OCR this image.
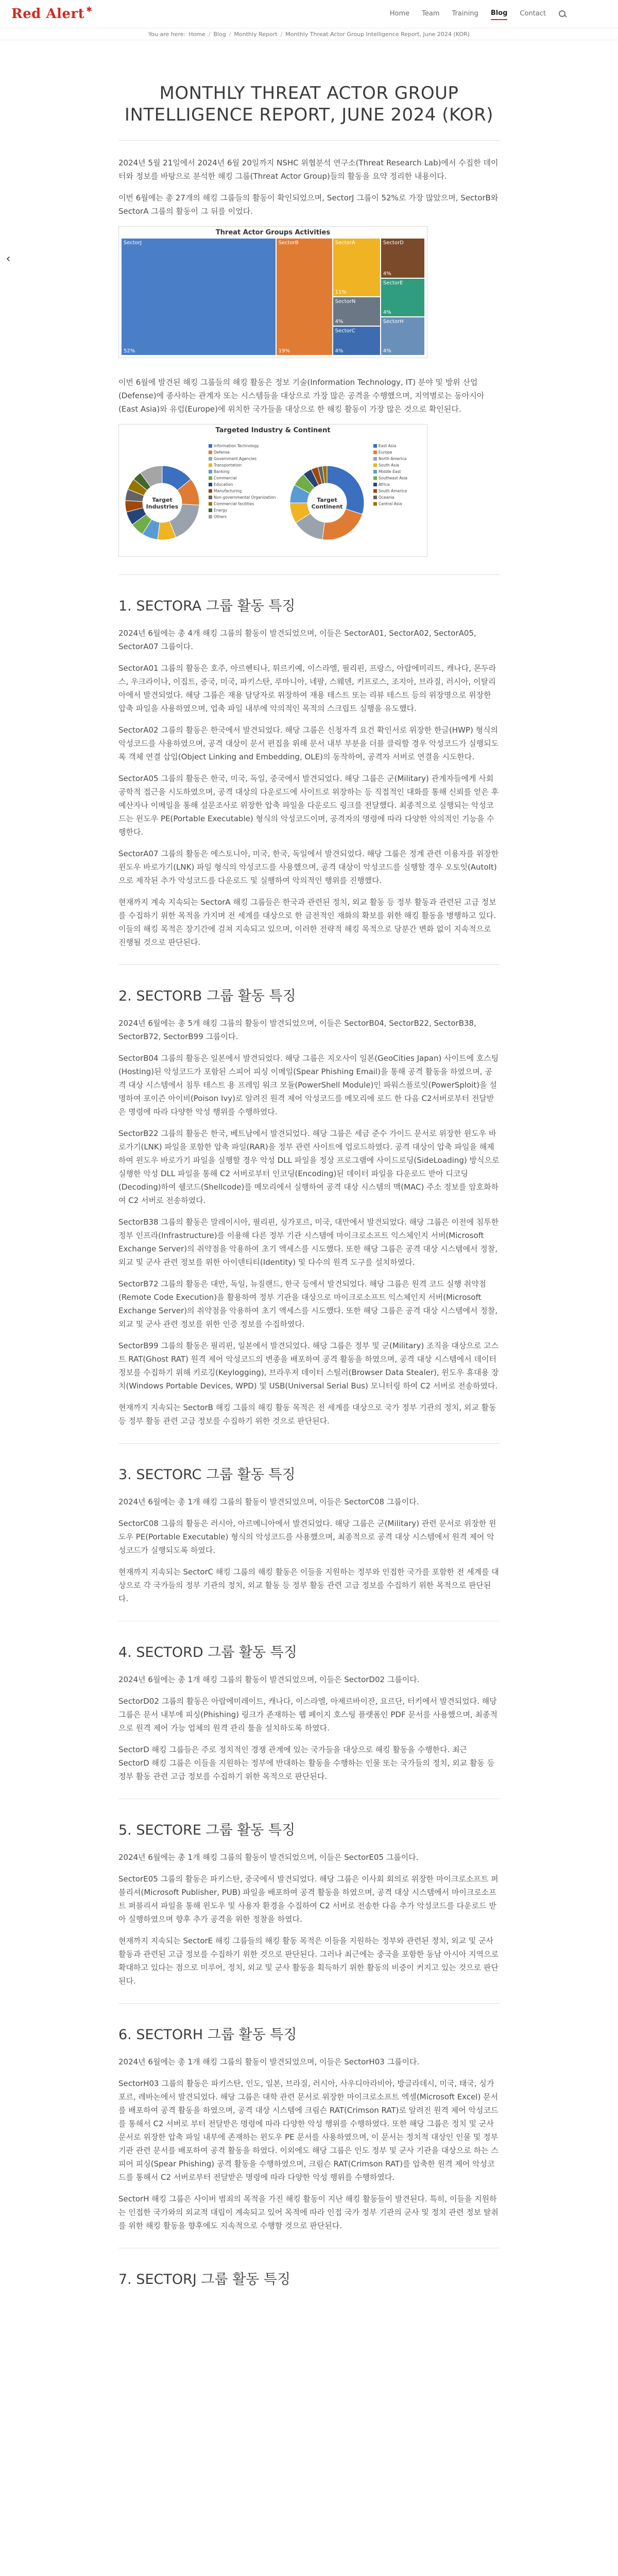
Red Alert ✱	Home Team Training Blog Contact
You are here: Home / Blog / Monthly Report / Monthly Threat Actor Group Intelligence Report, June 2024 (KOR)
‹
MONTHLY THREAT ACTOR GROUP
INTELLIGENCE REPORT, JUNE 2024 (KOR)

2024년 5월 21일에서 2024년 6월 20일까지 NSHC 위협분석 연구소(Threat Research Lab)에서 수집한 데이터와 정보를 바탕으로 분석한 해킹 그룹(Threat Actor Group)들의 활동을 요약 정리한 내용이다.

이번 6월에는 총 27개의 해킹 그룹들의 활동이 확인되었으며, SectorJ 그룹이 52%로 가장 많았으며, SectorB와 SectorA 그룹의 활동이 그 뒤를 이었다.

Threat Actor Groups Activities
SectorJ
52%
SectorB
19%
SectorA
11%
SectorN
4%
SectorC
4%
SectorD
4%
SectorE
4%
SectorH
4%

이번 6월에 발견된 해킹 그룹들의 해킹 활동은 정보 기술(Information Technology, IT) 분야 및 방위 산업(Defense)에 종사하는 관계자 또는 시스템들을 대상으로 가장 많은 공격을 수행했으며, 지역별로는 동아시아(East Asia)와 유럽(Europe)에 위치한 국가들을 대상으로 한 해킹 활동이 가장 많은 것으로 확인된다.

Targeted Industry & Continent
Target
Industries
Information Technology
Defense
Government Agencies
Transportation
Banking
Commercial
Education
Manufacturing
Non-governmental Organization
Commercial facilities
Energy
Others
Target
Continent
East Asia
Europe
North America
South Asia
Middle East
Southeast Asia
Africa
South America
Oceania
Central Asia
1. SECTORA 그룹 활동 특징

2024년 6월에는 총 4개 해킹 그룹의 활동이 발견되었으며, 이들은 SectorA01, SectorA02, SectorA05, SectorA07 그룹이다.

SectorA01 그룹의 활동은 호주, 아르헨티나, 튀르키예, 이스라엘, 필리핀, 프랑스, 아랍에미리트, 캐나다, 몬두라스, 우크라이나, 이집트, 중국, 미국, 파키스탄, 루마니아, 네팔, 스웨덴, 키프로스, 조지아, 브라질, 러시아, 이탈리아에서 발견되었다. 해당 그룹은 재용 담당자로 위장하여 재용 테스트 또는 리뷰 테스트 등의 위장명으로 위장한 압축 파일을 사용하였으며, 업축 파일 내부에 악의적인 목적의 스크립트 실행을 유도했다.

SectorA02 그룹의 활동은 한국에서 발견되었다. 해당 그룹은 신청자격 요건 확인서로 위장한 한글(HWP) 형식의 악성코드를 사용하였으며, 공격 대상이 문서 편집을 위해 문서 내부 부분을 더블 클릭할 경우 악성코드가 실행되도록 객체 연결 삽입(Object Linking and Embedding, OLE)의 동작하여, 공격자 서버로 연결을 시도한다.

SectorA05 그룹의 활동은 한국, 미국, 독일, 중국에서 발견되었다. 해당 그룹은 군(Military) 관계자들에게 사회공학적 접근을 시도하였으며, 공격 대상의 다운로드에 사이트로 위장하는 등 직접적인 대화를 통해 신뢰를 얻은 후 예산자나 이메일을 통해 설문조사로 위장한 압축 파일을 다운로드 링크를 전달했다. 최종적으로 실행되는 악성코드는 윈도우 PE(Portable Executable) 형식의 악성코드이며, 공격자의 명령에 따라 다양한 악의적인 기능을 수행한다.

SectorA07 그룹의 활동은 에스토니아, 미국, 한국, 독일에서 발견되었다. 해당 그룹은 정계 관련 이용자를 위장한 윈도우 바로가기(LNK) 파일 형식의 악성코드를 사용했으며, 공격 대상이 악성코드를 실행할 경우 오토잇(AutoIt) 으로 제작된 추가 악성코드를 다운로드 및 실행하여 악의적인 행위를 진행했다.

현재까지 계속 지속되는 SectorA 해킹 그룹들은 한국과 관련된 정치, 외교 활동 등 정부 활동과 관련된 고급 정보를 수집하기 위한 목적을 가지며 전 세계를 대상으로 한 금전적인 재화의 확보를 위한 해킹 활동을 병행하고 있다. 이들의 해킹 목적은 장기간에 걸쳐 지속되고 있으며, 이러한 전략적 해킹 목적으로 당분간 변화 없이 지속적으로 진행될 것으로 판단된다.

2. SECTORB 그룹 활동 특징

2024년 6월에는 총 5개 해킹 그룹의 활동이 발견되었으며, 이들은 SectorB04, SectorB22, SectorB38, SectorB72, SectorB99 그룹이다.

SectorB04 그룹의 활동은 일본에서 발견되었다. 해당 그룹은 지오사이 일본(GeoCities Japan) 사이트에 호스팅(Hosting)된 악성코드가 포함된 스피어 피싱 이메일(Spear Phishing Email)을 통해 공격 활동을 하였으며, 공격 대상 시스템에서 침투 테스트 용 프레임 워크 모듈(PowerShell Module)인 파워스플로잇(PowerSploit)을 설명하여 포이즌 아이비(Poison Ivy)로 알려진 원격 제어 악성코드를 메모리에 로드 한 다음 C2서버로부터 전달받은 명령에 따라 다양한 악성 행위를 수행하였다.

SectorB22 그룹의 활동은 한국, 베트남에서 발견되었다. 해당 그룹은 세금 준수 가이드 문서로 위장한 윈도우 바로가기(LNK) 파일을 포함한 압축 파일(RAR)을 정부 관련 사이트에 업로드하였다. 공격 대상이 압축 파일을 해제하여 윈도우 바로가기 파일을 실행할 경우 악성 DLL 파일을 정상 프로그램에 사이드로딩(SideLoading) 방식으로 실행한 악성 DLL 파일을 통해 C2 서버로부터 인코딩(Encoding)된 데이터 파일을 다운로드 받아 디코딩(Decoding)하여 쉘코드(Shellcode)를 메모리에서 실행하여 공격 대상 시스템의 맥(MAC) 주소 정보를 암호화하여 C2 서버로 전송하였다.

SectorB38 그룹의 활동은 말레이시아, 필리핀, 싱가포르, 미국, 대만에서 발견되었다. 해당 그룹은 이전에 침투한 정부 인프라(Infrastructure)를 이용해 다른 정부 기관 시스템에 마이크로소프트 익스체인지 서버(Microsoft Exchange Server)의 취약점을 악용하여 초기 액세스를 시도했다. 또한 해당 그룹은 공격 대상 시스템에서 정찰, 외교 및 군사 관련 정보를 위한 아이덴티티(Identity) 및 다수의 원격 도구를 설치하였다.

SectorB72 그룹의 활동은 대만, 독일, 뉴질랜드, 한국 등에서 발견되었다. 해당 그룹은 원격 코드 실행 취약점(Remote Code Execution)을 활용하여 정부 기관을 대상으로 마이크로소프트 익스체인지 서버(Microsoft Exchange Server)의 취약점을 악용하여 초기 액세스를 시도했다. 또한 해당 그룹은 공격 대상 시스템에서 정찰, 외교 및 군사 관련 정보를 위한 인증 정보를 수집하였다.

SectorB99 그룹의 활동은 필리핀, 일본에서 발견되었다. 해당 그룹은 정부 및 군(Military) 조직을 대상으로 고스트 RAT(Ghost RAT) 원격 제어 악성코드의 변종을 배포하여 공격 활동을 하였으며, 공격 대상 시스템에서 데이터 정보를 수집하기 위해 키로깅(Keylogging), 브라우저 데이터 스틸러(Browser Data Stealer), 윈도우 휴대용 장치(Windows Portable Devices, WPD) 및 USB(Universal Serial Bus) 모니터링 하여 C2 서버로 전송하였다.

현재까지 지속되는 SectorB 해킹 그룹의 해킹 활동 목적은 전 세계를 대상으로 국가 정부 기관의 정치, 외교 활동 등 정부 활동 관련 고급 정보를 수집하기 위한 것으로 판단된다.

3. SECTORC 그룹 활동 특징

2024년 6월에는 총 1개 해킹 그룹의 활동이 발견되었으며, 이들은 SectorC08 그룹이다.

SectorC08 그룹의 활동은 러시아, 아르메니아에서 발견되었다. 해당 그룹은 군(Military) 관련 문서로 위장한 윈도우 PE(Portable Executable) 형식의 악성코드를 사용했으며, 최종적으로 공격 대상 시스템에서 원격 제어 악성코드가 실행되도록 하였다.

현재까지 지속되는 SectorC 해킹 그룹의 해킹 활동은 이들을 지원하는 정부와 인접한 국가를 포함한 전 세계를 대상으로 각 국가들의 정부 기관의 정치, 외교 활동 등 정부 활동 관련 고급 정보를 수집하기 위한 목적으로 판단된다.

4. SECTORD 그룹 활동 특징

2024년 6월에는 총 1개 해킹 그룹의 활동이 발견되었으며, 이들은 SectorD02 그룹이다.

SectorD02 그룹의 활동은 아랍에미레이트, 캐나다, 이스라엘, 아제르바이잔, 요르단, 터키에서 발견되었다. 해당 그룹은 문서 내부에 피싱(Phishing) 링크가 존재하는 웹 페이지 호스팅 플랫폼인 PDF 문서를 사용했으며, 최종적으로 원격 제어 가능 업체의 원격 관리 툴을 설치하도록 하였다.

SectorD 해킹 그룹들은 주로 정치적인 경쟁 관계에 있는 국가들을 대상으로 해킹 활동을 수행한다. 최근 SectorD 해킹 그룹은 이들을 지원하는 정부에 반대하는 활동을 수행하는 인물 또는 국가들의 정치, 외교 활동 등 정부 활동 관련 고급 정보를 수집하기 위한 목적으로 판단된다.

5. SECTORE 그룹 활동 특징

2024년 6월에는 총 1개 해킹 그룹의 활동이 발견되었으며, 이들은 SectorE05 그룹이다.

SectorE05 그룹의 활동은 파키스탄, 중국에서 발견되었다. 해당 그룹은 이사회 회의로 위장한 마이크로소프트 퍼블리셔(Microsoft Publisher, PUB) 파일을 배포하여 공격 활동을 하였으며, 공격 대상 시스템에서 마이크로소프트 퍼블리셔 파일을 통해 윈도우 및 사용자 환경을 수집하여 C2 서버로 전송한 다음 추가 악성코드를 다운로드 받아 실행하였으며 향후 추가 공격을 위한 정찰을 하였다.

현재까지 지속되는 SectorE 해킹 그룹들의 해킹 활동 목적은 이들을 지원하는 정부와 관련된 정치, 외교 및 군사 활동과 관련된 고급 정보를 수집하기 위한 것으로 판단된다. 그러나 최근에는 중국을 포함한 동남 아시아 지역으로 확대하고 있다는 점으로 미루어, 정치, 외교 및 군사 활동을 획득하기 위한 활동의 비중이 커지고 있는 것으로 판단된다.

6. SECTORH 그룹 활동 특징

2024년 6월에는 총 1개 해킹 그룹의 활동이 발견되었으며, 이들은 SectorH03 그룹이다.

SectorH03 그룹의 활동은 파키스탄, 인도, 일본, 브라질, 러시아, 사우디아라비아, 방글라데시, 미국, 태국, 싱가포르, 레바논에서 발견되었다. 해당 그룹은 대학 관련 문서로 위장한 마이크로소프트 엑셀(Microsoft Excel) 문서를 배포하여 공격 활동을 하였으며, 공격 대상 시스템에 크림슨 RAT(Crimson RAT)로 알려진 원격 제어 악성코드를 통해서 C2 서버로 부터 전달받은 명령에 따라 다양한 악성 행위를 수행하였다. 또한 해당 그룹은 정치 및 군사 문서로 위장한 압축 파일 내부에 존재하는 윈도우 PE 문서를 사용하였으며, 이 문서는 정치적 대상인 인물 및 정부 기관 관련 문서를 배포하여 공격 활동을 하였다. 이외에도 해당 그룹은 인도 정부 및 군사 기관을 대상으로 하는 스피어 피싱(Spear Phishing) 공격 활동을 수행하였으며, 크림슨 RAT(Crimson RAT)를 압축한 원격 제어 악성코드를 통해서 C2 서버로부터 전달받은 명령에 따라 다양한 악성 행위를 수행하였다.

SectorH 해킹 그룹은 사이버 범죄의 목적을 가진 해킹 활동이 지난 해킹 활동들이 발견된다. 특히, 이들을 지원하는 인접한 국가와의 외교적 대립이 계속되고 있어 목적에 따라 인접 국가 정부 기관의 군사 및 정치 관련 정보 탈취를 위한 해킹 활동을 향후에도 지속적으로 수행할 것으로 판단된다.

7. SECTORJ 그룹 활동 특징
